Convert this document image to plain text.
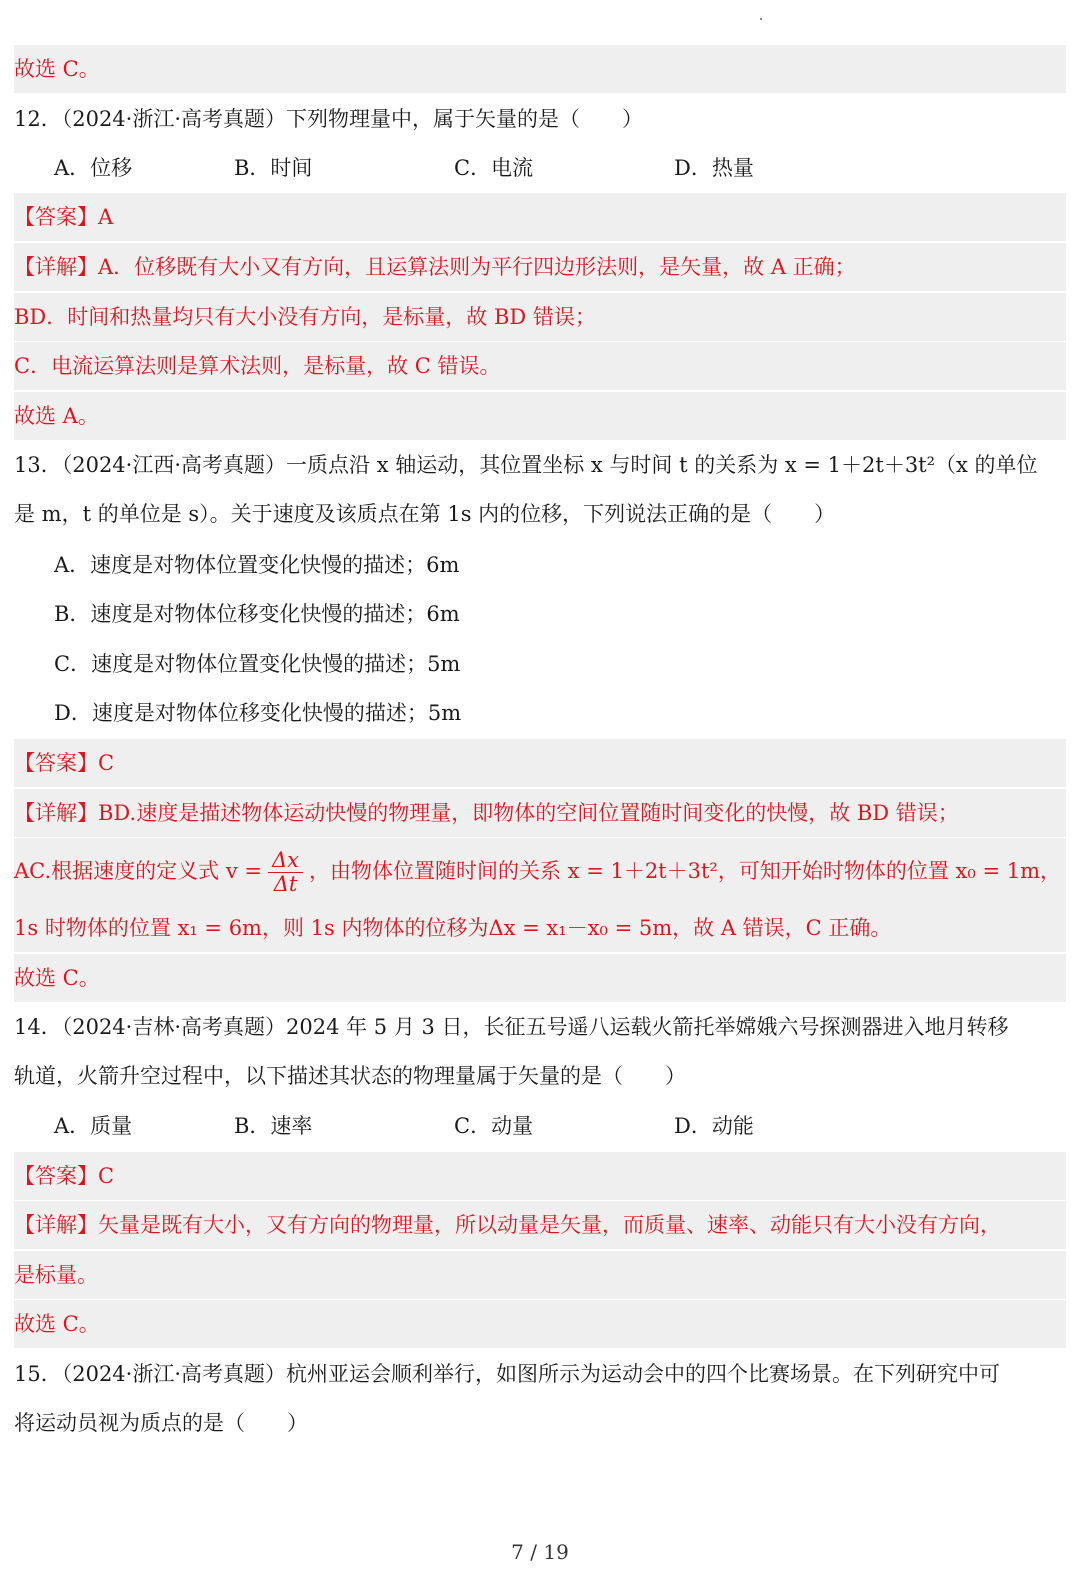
故选 C。
12．（2024·浙江·高考真题）下列物理量中，属于矢量的是（　　）
A．位移	B．时间	C．电流	D．热量
【答案】A
【详解】A．位移既有大小又有方向，且运算法则为平行四边形法则，是矢量，故 A 正确；
BD．时间和热量均只有大小没有方向，是标量，故 BD 错误；
C．电流运算法则是算术法则，是标量，故 C 错误。
故选 A。
13．（2024·江西·高考真题）一质点沿 x 轴运动，其位置坐标 x 与时间 t 的关系为 x = 1＋2t＋3t²（x 的单位
是 m，t 的单位是 s）。关于速度及该质点在第 1s 内的位移，下列说法正确的是（　　）
A．速度是对物体位置变化快慢的描述；6m
B．速度是对物体位移变化快慢的描述；6m
C．速度是对物体位置变化快慢的描述；5m
D．速度是对物体位移变化快慢的描述；5m
【答案】C
【详解】BD.速度是描述物体运动快慢的物理量，即物体的空间位置随时间变化的快慢，故 BD 错误；
AC.根据速度的定义式 $v = \frac{\Delta x}{\Delta t}$ ，由物体位置随时间的关系 x = 1＋2t＋3t²，可知开始时物体的位置 x₀ = 1m，
1s 时物体的位置 x₁ = 6m，则 1s 内物体的位移为Δx = x₁－x₀ = 5m，故 A 错误，C 正确。
故选 C。
14．（2024·吉林·高考真题）2024 年 5 月 3 日，长征五号遥八运载火箭托举嫦娥六号探测器进入地月转移
轨道，火箭升空过程中，以下描述其状态的物理量属于矢量的是（　　）
A．质量	B．速率	C．动量	D．动能
【答案】C
【详解】矢量是既有大小，又有方向的物理量，所以动量是矢量，而质量、速率、动能只有大小没有方向，
是标量。
故选 C。
15．（2024·浙江·高考真题）杭州亚运会顺利举行，如图所示为运动会中的四个比赛场景。在下列研究中可
将运动员视为质点的是（　　）
7 / 19
